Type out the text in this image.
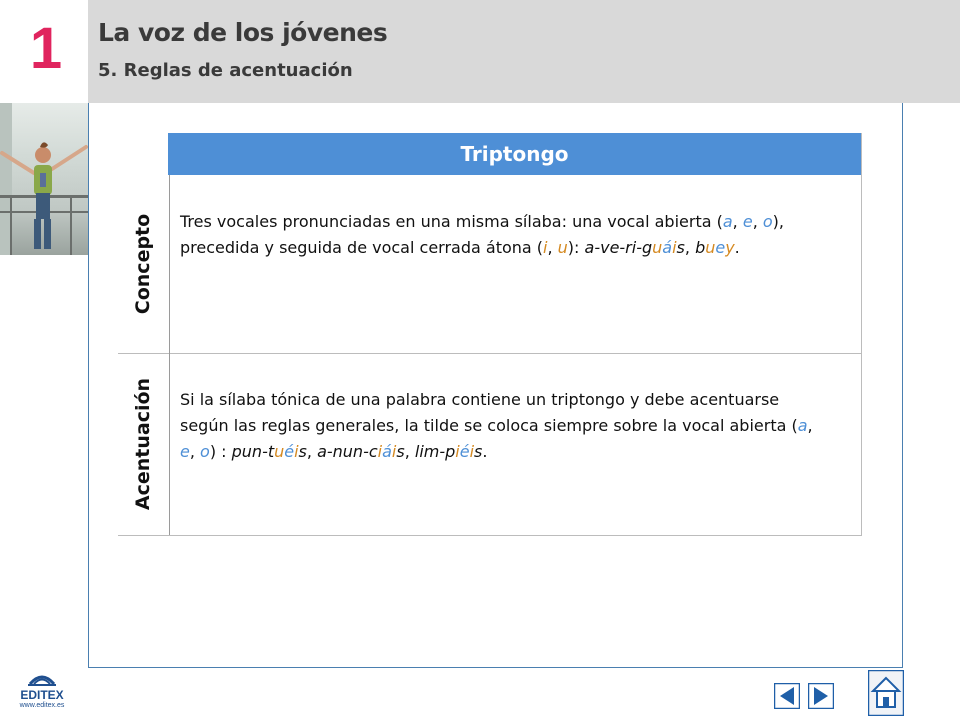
1 La voz de los jóvenes
5. Reglas de acentuación
Triptongo
Concepto
Acentuación
Tres vocales pronunciadas en una misma sílaba: una vocal abierta (a, e, o), precedida y seguida de vocal cerrada átona (i, u): a-ve-ri-guáis, buey.
Si la sílaba tónica de una palabra contiene un triptongo y debe acentuarse según las reglas generales, la tilde se coloca siempre sobre la vocal abierta (a, e, o) : pun-tuéis, a-nun-ciáis, lim-piéis.
EDITEX
www.editex.es
